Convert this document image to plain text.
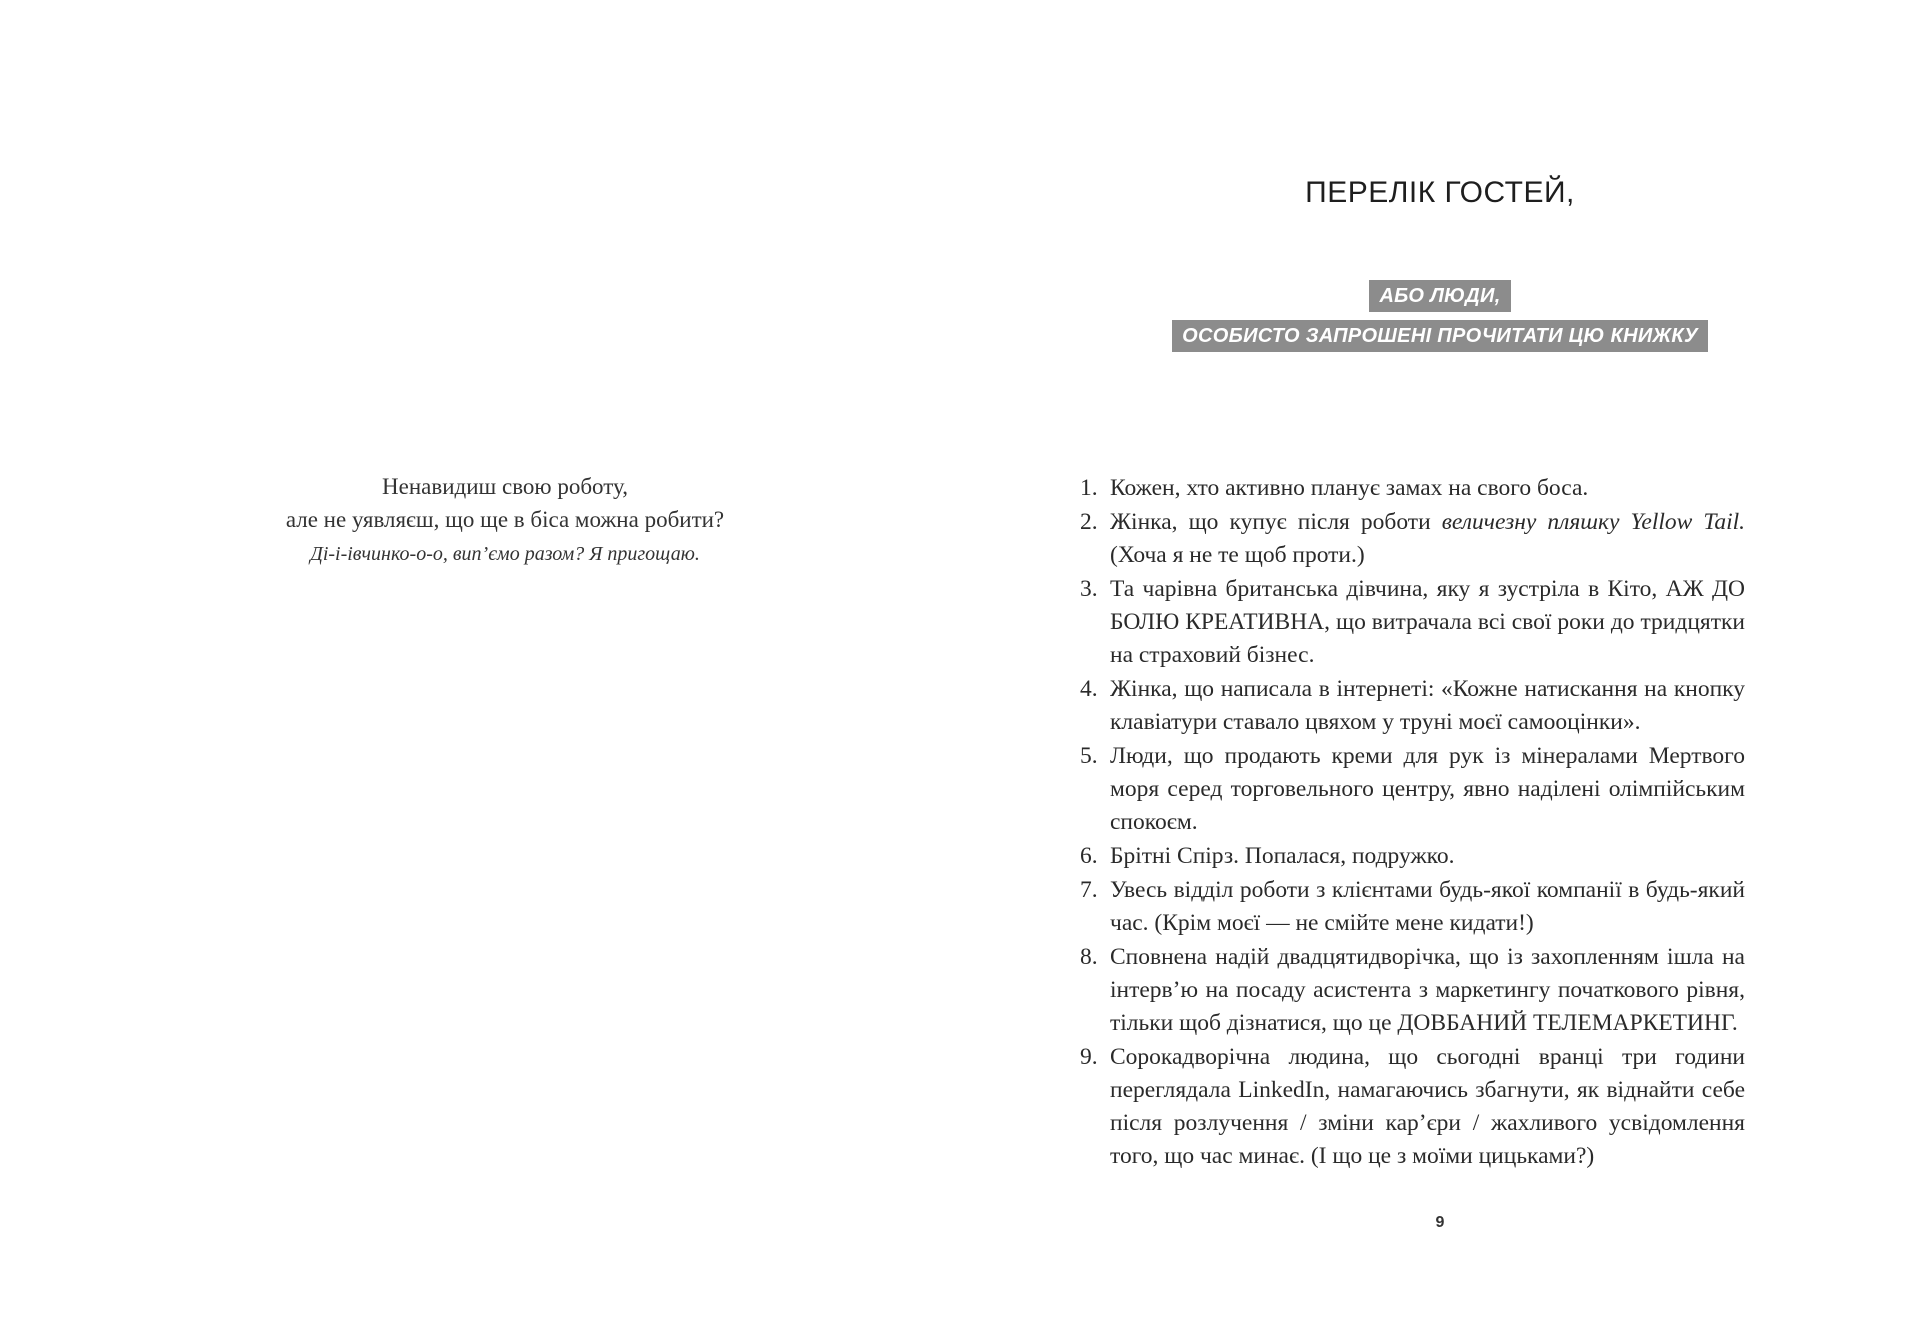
Ненавидиш свою роботу,
але не уявляєш, що ще в біса можна робити?
Ді-і-івчинко-о-о, вип’ємо разом? Я пригощаю.
ПЕРЕЛІК ГОСТЕЙ,
АБО ЛЮДИ,
ОСОБИСТО ЗАПРОШЕНІ ПРОЧИТАТИ ЦЮ КНИЖКУ
1. Кожен, хто активно планує замах на свого боса.
2. Жінка, що купує після роботи величезну пляшку Yellow Tail. (Хоча я не те щоб проти.)
3. Та чарівна британська дівчина, яку я зустріла в Кіто, АЖ ДО БОЛЮ КРЕАТИВНА, що витрачала всі свої роки до тридцятки на страховий бізнес.
4. Жінка, що написала в інтернеті: «Кожне натискання на кнопку клавіатури ставало цвяхом у труні моєї самооцінки».
5. Люди, що продають креми для рук із мінералами Мертвого моря серед торговельного центру, явно наділені олімпійським спокоєм.
6. Брітні Спірз. Попалася, подружко.
7. Увесь відділ роботи з клієнтами будь-якої компанії в будь-який час. (Крім моєї — не смійте мене кидати!)
8. Сповнена надій двадцятидворічка, що із захопленням ішла на інтерв’ю на посаду асистента з маркетингу початкового рівня, тільки щоб дізнатися, що це ДОВБАНИЙ ТЕЛЕМАРКЕТИНГ.
9. Сорокадворічна людина, що сьогодні вранці три години переглядала LinkedIn, намагаючись збагнути, як віднайти себе після розлучення / зміни кар’єри / жахливого усвідомлення того, що час минає. (І що це з моїми цицьками?)
9
